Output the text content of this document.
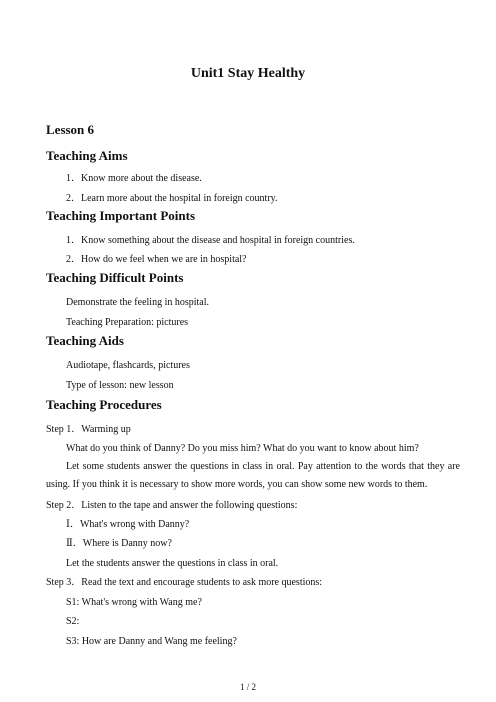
Unit1 Stay Healthy
Lesson 6
Teaching Aims
1．Know more about the disease.
2．Learn more about the hospital in foreign country.
Teaching Important Points
1．Know something about the disease and hospital in foreign countries.
2．How do we feel when we are in hospital?
Teaching Difficult Points
Demonstrate the feeling in hospital.
Teaching Preparation: pictures
Teaching Aids
Audiotape, flashcards, pictures
Type of lesson: new lesson
Teaching Procedures
Step 1．Warming up
What do you think of Danny? Do you miss him? What do you want to know about him?
Let some students answer the questions in class in oral. Pay attention to the words that they are using. If you think it is necessary to show more words, you can show some new words to them.
Step 2．Listen to the tape and answer the following questions:
Ⅰ．What's wrong with Danny?
Ⅱ．Where is Danny now?
Let the students answer the questions in class in oral.
Step 3．Read the text and encourage students to ask more questions:
S1: What's wrong with Wang me?
S2:
S3: How are Danny and Wang me feeling?
1 / 2
